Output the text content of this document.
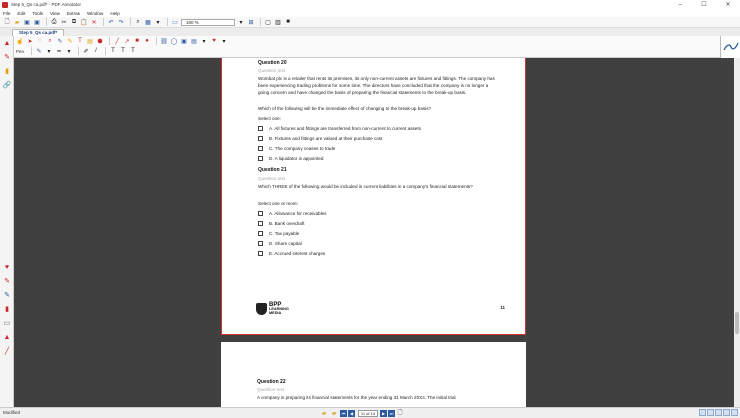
Step 5_Qs ca.pdf* - PDF Annotator	–	☐	✕
File Edit Tools View Extras Window Help
🗋 ▰ ▣ ▣ ⎙ ✂ ⧉ 📋 ✕ ↶ ↷	⌕ ▦ ▾	▭	100 %	▾ ⊞ ▢ ▥ ■
Step 5_Qs ca.pdf*
▲
✎
▮
🔗
♥
✎
✎
▮
▭
▲
╱
☝ ➤ ◌	⌕ ✎ ✎ T ▤ ⬢	╱ ↗ ■	●	⛓ ◯ ▣ ▤ ▾	♥	▾
Pen ✎ ▾	━	▾	✐	/	T	T	T
Question 20
Question text
Wombat plc is a retailer that rents its premises, its only non-current assets are fixtures and fittings. The company has been experiencing trading problems for some time. The directors have concluded that the company is no longer a going concern and have changed the basis of preparing the financial statements to the break-up basis.
Which of the following will be the immediate effect of changing to the break-up basis?
Select one:
A. All fixtures and fittings are transferred from non-current to current assets
B. Fixtures and fittings are valued at their purchase cost
C. The company ceases to trade
D. A liquidator is appointed
Question 21
Question text
Which THREE of the following would be included in current liabilities in a company's financial statements?
Select one or more:
A. Allowance for receivables
B. Bank overdraft
C. Tax payable
D. Share capital
E. Accrued interest charges
BPP
LEARNING
MEDIA
11
Question 22
Question text
A company is preparing its financial statements for the year ending 31 March 20X4. The initial trial
Modified	▰ ▰	⏮	◀	11 of 14	▶	⏭ 🗋
